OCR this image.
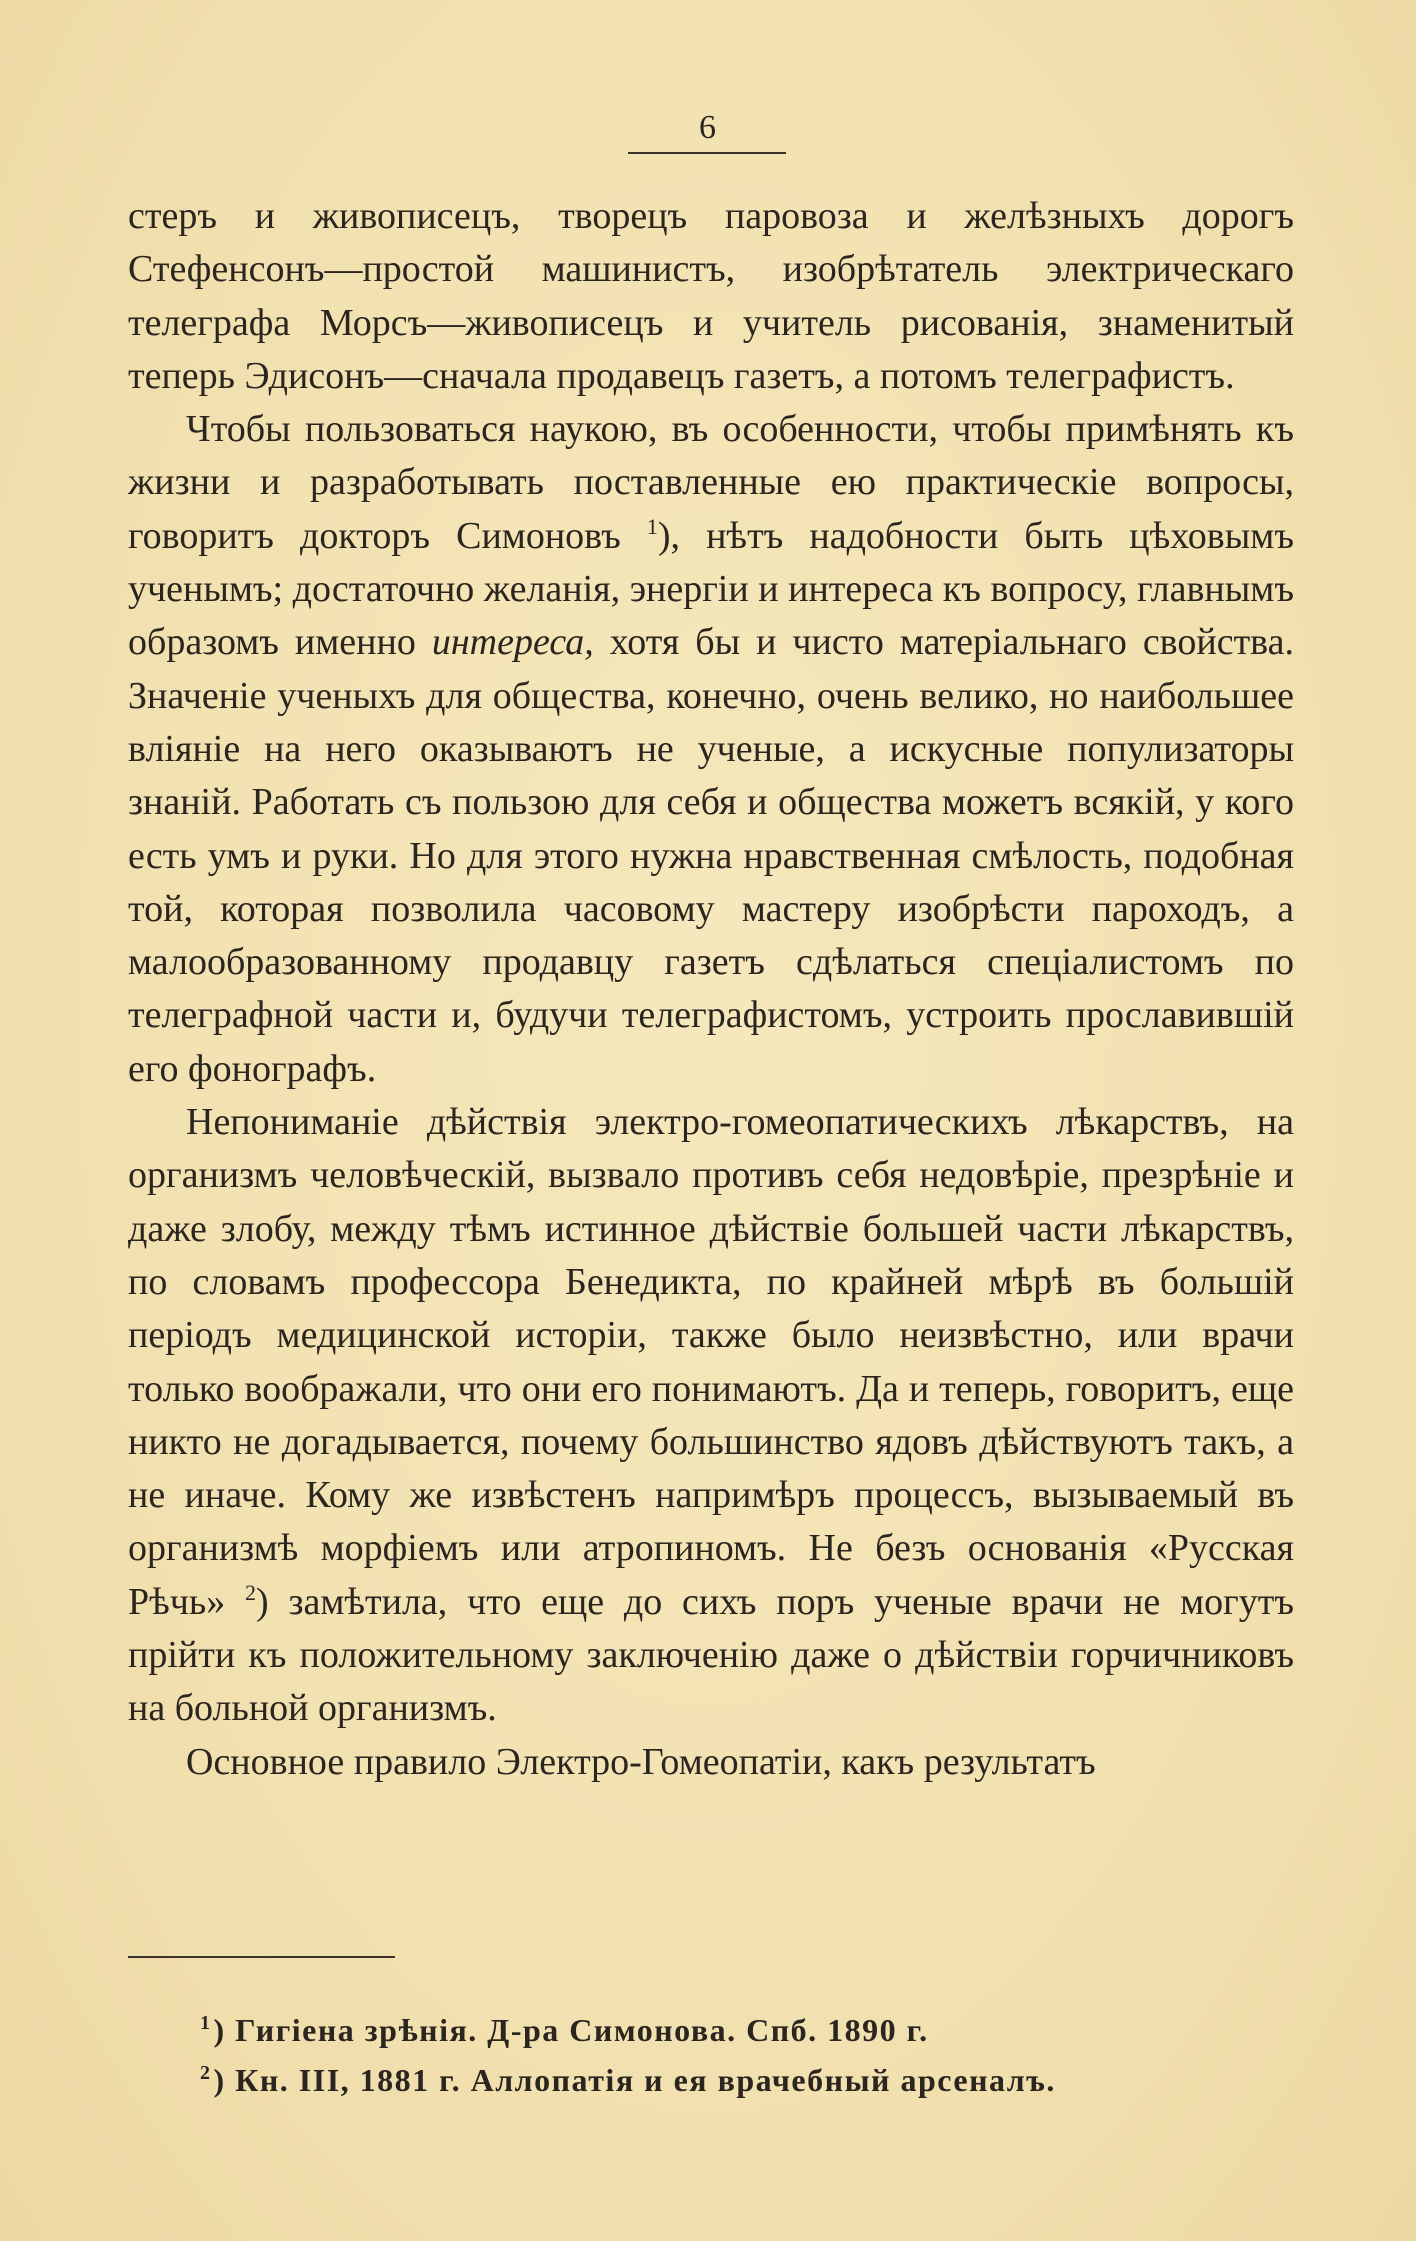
6

стеръ и живописецъ, творецъ паровоза и желѣзныхъ дорогъ Стефенсонъ—простой машинистъ, изобрѣтатель электрическаго телеграфа Морсъ—живописецъ и учитель рисованія, знаменитый теперь Эдисонъ—сначала продавецъ газетъ, а потомъ телеграфистъ.

Чтобы пользоваться наукою, въ особенности, чтобы примѣнять къ жизни и разработывать поставленные ею практическіе вопросы, говоритъ докторъ Симоновъ $^1$), нѣтъ надобности быть цѣховымъ ученымъ; достаточно желанія, энергіи и интереса къ вопросу, главнымъ образомъ именно интереса, хотя бы и чисто матеріальнаго свойства. Значеніе ученыхъ для общества, конечно, очень велико, но наибольшее вліяніе на него оказываютъ не ученые, а искусные популизаторы знаній. Работать съ пользою для себя и общества можетъ всякій, у кого есть умъ и руки. Но для этого нужна нравственная смѣлость, подобная той, которая позволила часовому мастеру изобрѣсти пароходъ, а малообразованному продавцу газетъ сдѣлаться спеціалистомъ по телеграфной части и, будучи телеграфистомъ, устроить прославившій его фонографъ.

Непониманіе дѣйствія электро-гомеопатическихъ лѣкарствъ, на организмъ человѣческій, вызвало противъ себя недовѣріе, презрѣніе и даже злобу, между тѣмъ истинное дѣйствіе большей части лѣкарствъ, по словамъ профессора Бенедикта, по крайней мѣрѣ въ большій періодъ медицинской исторіи, также было неизвѣстно, или врачи только воображали, что они его понимаютъ. Да и теперь, говоритъ, еще никто не догадывается, почему большинство ядовъ дѣйствуютъ такъ, а не иначе. Кому же извѣстенъ напримѣръ процессъ, вызываемый въ организмѣ морфіемъ или атропиномъ. Не безъ основанія «Русская Рѣчь» $^2$) замѣтила, что еще до сихъ поръ ученые врачи не могутъ прійти къ положительному заключенію даже о дѣйствіи горчичниковъ на больной организмъ.

Основное правило Электро-Гомеопатіи, какъ результатъ

$^1$) Гигіена зрѣнія. Д-ра Симонова. Спб. 1890 г.
$^2$) Кн. III, 1881 г. Аллопатія и ея врачебный арсеналъ.
